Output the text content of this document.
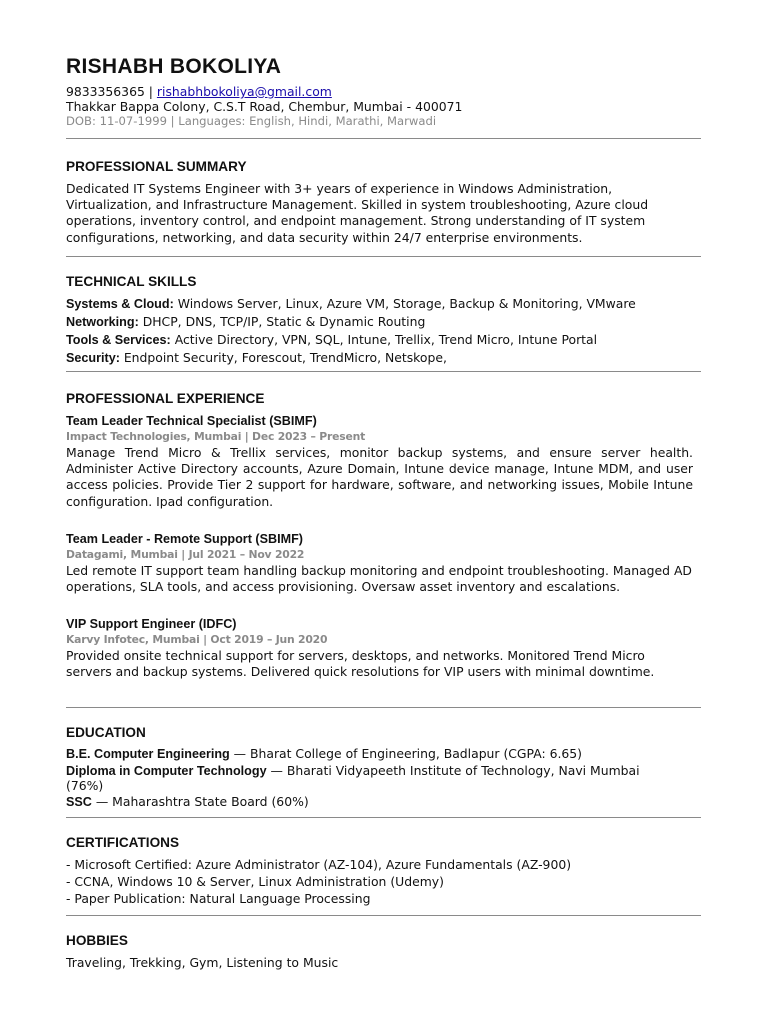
RISHABH BOKOLIYA
9833356365 | rishabhbokoliya@gmail.com
Thakkar Bappa Colony, C.S.T Road, Chembur, Mumbai - 400071
DOB: 11-07-1999 | Languages: English, Hindi, Marathi, Marwadi
PROFESSIONAL SUMMARY

Dedicated IT Systems Engineer with 3+ years of experience in Windows Administration, Virtualization, and Infrastructure Management. Skilled in system troubleshooting, Azure cloud operations, inventory control, and endpoint management. Strong understanding of IT system configurations, networking, and data security within 24/7 enterprise environments.

TECHNICAL SKILLS

Systems & Cloud: Windows Server, Linux, Azure VM, Storage, Backup & Monitoring, VMware

Networking: DHCP, DNS, TCP/IP, Static & Dynamic Routing

Tools & Services: Active Directory, VPN, SQL, Intune, Trellix, Trend Micro, Intune Portal

Security: Endpoint Security, Forescout, TrendMicro, Netskope,

PROFESSIONAL EXPERIENCE

Team Leader Technical Specialist (SBIMF)

Impact Technologies, Mumbai | Dec 2023 – Present

Manage Trend Micro & Trellix services, monitor backup systems, and ensure server health. Administer Active Directory accounts, Azure Domain, Intune device manage, Intune MDM, and user access policies. Provide Tier 2 support for hardware, software, and networking issues, Mobile Intune configuration. Ipad configuration.

Team Leader - Remote Support (SBIMF)

Datagami, Mumbai | Jul 2021 – Nov 2022

Led remote IT support team handling backup monitoring and endpoint troubleshooting. Managed AD operations, SLA tools, and access provisioning. Oversaw asset inventory and escalations.

VIP Support Engineer (IDFC)

Karvy Infotec, Mumbai | Oct 2019 – Jun 2020

Provided onsite technical support for servers, desktops, and networks. Monitored Trend Micro servers and backup systems. Delivered quick resolutions for VIP users with minimal downtime.

EDUCATION

B.E. Computer Engineering — Bharat College of Engineering, Badlapur (CGPA: 6.65)

Diploma in Computer Technology — Bharati Vidyapeeth Institute of Technology, Navi Mumbai (76%)

SSC — Maharashtra State Board (60%)

CERTIFICATIONS

- Microsoft Certified: Azure Administrator (AZ-104), Azure Fundamentals (AZ-900)

- CCNA, Windows 10 & Server, Linux Administration (Udemy)

- Paper Publication: Natural Language Processing

HOBBIES

Traveling, Trekking, Gym, Listening to Music
